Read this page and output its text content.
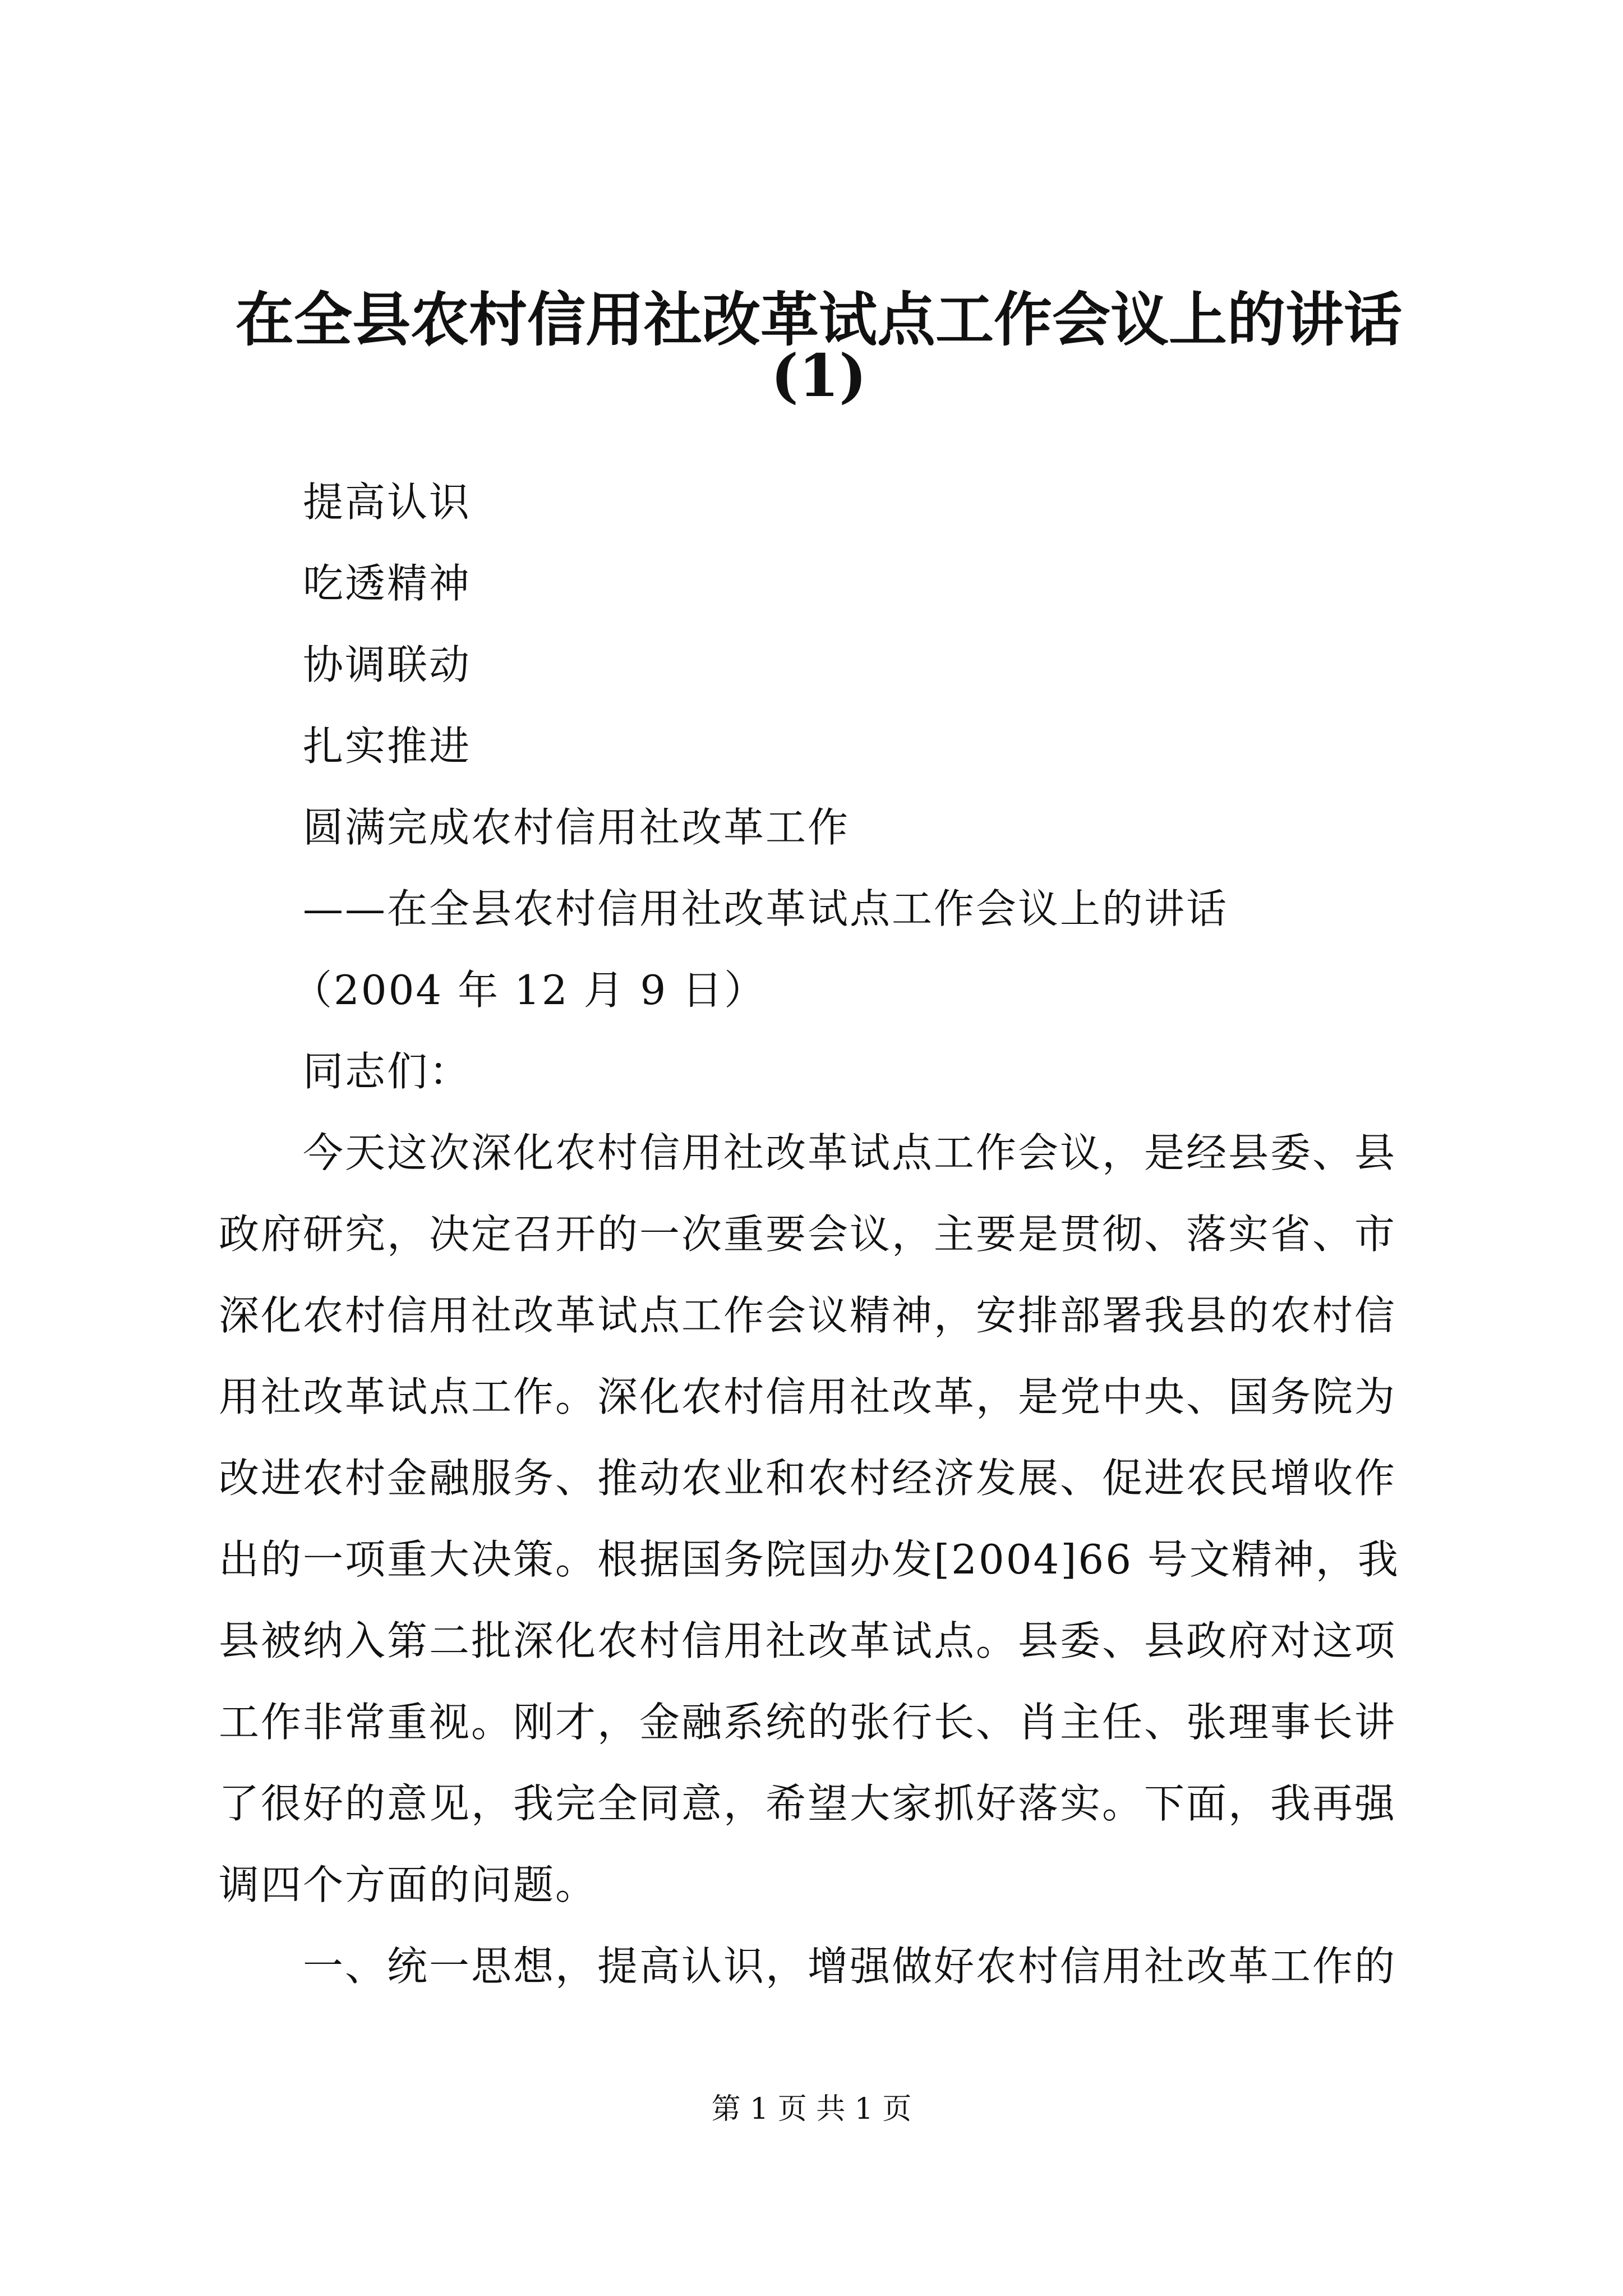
在全县农村信用社改革试点工作会议上的讲话
(1)
提高认识
吃透精神
协调联动
扎实推进
圆满完成农村信用社改革工作
——在全县农村信用社改革试点工作会议上的讲话
（2004 年 12 月 9 日）
同志们：
今天这次深化农村信用社改革试点工作会议，是经县委、县
政府研究，决定召开的一次重要会议，主要是贯彻、落实省、市
深化农村信用社改革试点工作会议精神，安排部署我县的农村信
用社改革试点工作。深化农村信用社改革，是党中央、国务院为
改进农村金融服务、推动农业和农村经济发展、促进农民增收作
出的一项重大决策。根据国务院国办发[2004]66 号文精神，我
县被纳入第二批深化农村信用社改革试点。县委、县政府对这项
工作非常重视。刚才，金融系统的张行长、肖主任、张理事长讲
了很好的意见，我完全同意，希望大家抓好落实。下面，我再强
调四个方面的问题。
一、统一思想，提高认识，增强做好农村信用社改革工作的
第 1 页 共 1 页
